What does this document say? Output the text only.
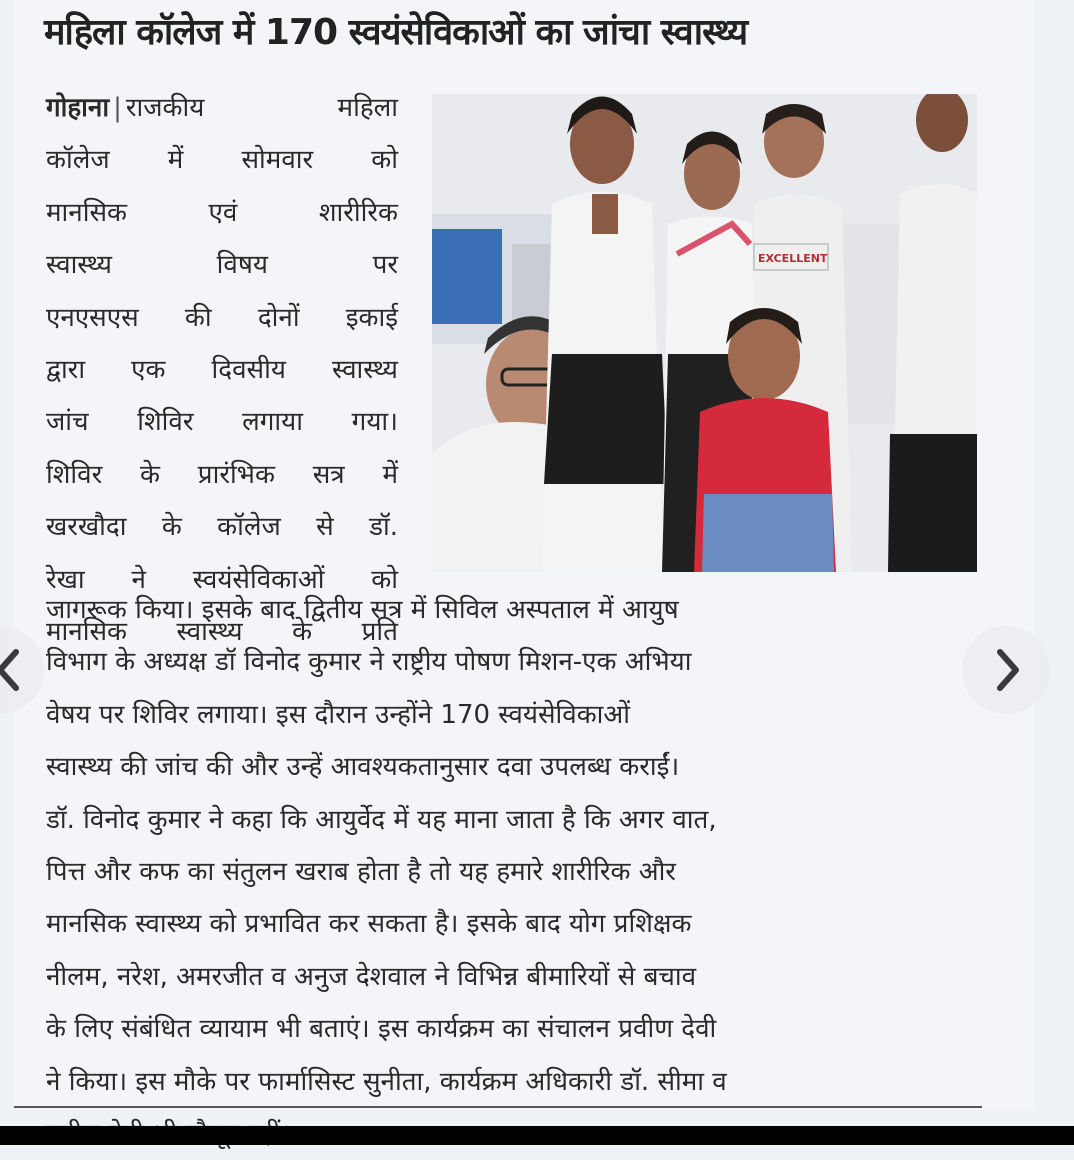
महिला कॉलेज में 170 स्वयंसेविकाओं का जांचा स्वास्थ्य
गोहाना | राजकीय महिला
कॉलेज में सोमवार को
मानसिक एवं शारीरिक
स्वास्थ्य विषय पर
एनएसएस की दोनों इकाई
द्वारा एक दिवसीय स्वास्थ्य
जांच शिविर लगाया गया।
शिविर के प्रारंभिक सत्र में
खरखौदा के कॉलेज से डॉ.
रेखा ने स्वयंसेविकाओं को
मानसिक स्वास्थ्य के प्रति
EXCELLENT
जागरूक किया। इसके बाद द्वितीय सत्र में सिविल अस्पताल में आयुष
विभाग के अध्यक्ष डॉ विनोद कुमार ने राष्ट्रीय पोषण मिशन-एक अभिया
वेषय पर शिविर लगाया। इस दौरान उन्होंने 170 स्वयंसेविकाओं
स्वास्थ्य की जांच की और उन्हें आवश्यकतानुसार दवा उपलब्ध कराईं।
डॉ. विनोद कुमार ने कहा कि आयुर्वेद में यह माना जाता है कि अगर वात,
पित्त और कफ का संतुलन खराब होता है तो यह हमारे शारीरिक और
मानसिक स्वास्थ्य को प्रभावित कर सकता है। इसके बाद योग प्रशिक्षक
नीलम, नरेश, अमरजीत व अनुज देशवाल ने विभिन्न बीमारियों से बचाव
के लिए संबंधित व्यायाम भी बताएं। इस कार्यक्रम का संचालन प्रवीण देवी
ने किया। इस मौके पर फार्मासिस्ट सुनीता, कार्यक्रम अधिकारी डॉ. सीमा व
